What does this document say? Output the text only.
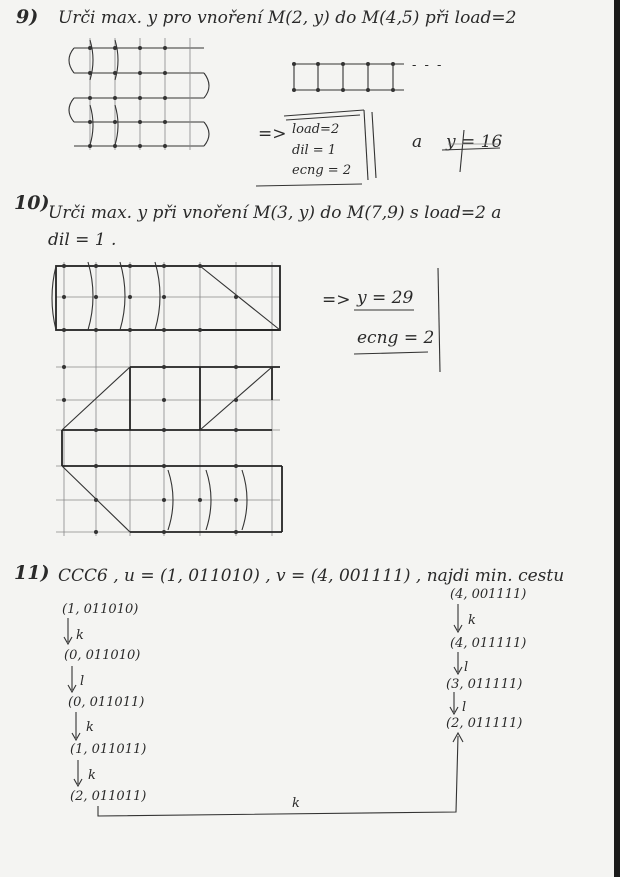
9) Urči max. y pro vnoření M(2, y) do M(4,5) při load=2
- - -
=> load=2
dil = 1
ecng = 2
a y = 16
10)
Urči max. y při vnoření M(3, y) do M(7,9) s load=2 a
dil = 1 .
=> y = 29
ecng = 2
11) CCC6 , u = (1, 011010) , v = (4, 001111) , najdi min. cestu
(1, 011010)
k
(0, 011010)
l
(0, 011011)
k
(1, 011011)
k
(2, 011011)
(4, 001111)
k
(4, 011111)
l
(3, 011111)
l
(2, 011111)
k
